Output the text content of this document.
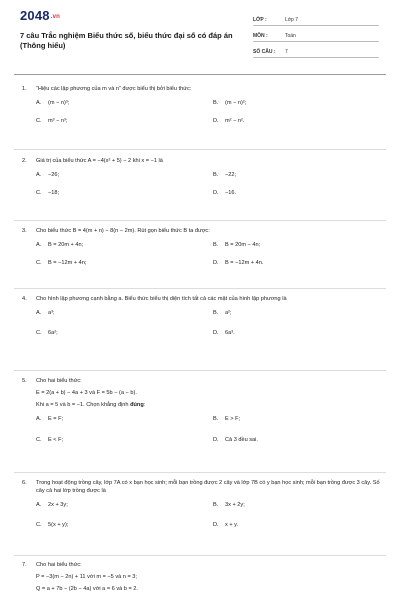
2048.vn
7 câu Trắc nghiệm Biểu thức số, biểu thức đại số có đáp án
(Thông hiểu)
LỚP :	Lớp 7
MÔN :	Toán
SỐ CÂU : 7
1. “Hiệu các lập phương của m và n” được biểu thị bởi biểu thức:
A. (m − n)³;	B. (m − n)²;
C. m³ − n³;	D. m² − n².
2. Giá trị của biểu thức A = −4(x² + 5) − 2 khi x = −1 là
A. −26;	B. −22;
C. −18;	D. −16.
3. Cho biểu thức B = 4(m + n) − 8(n − 2m). Rút gọn biểu thức B ta được:
A. B = 20m + 4n;	B. B = 20m − 4n;
C. B = −12m + 4n;	D. B = −12m + 4n.
4. Cho hình lập phương cạnh bằng a. Biểu thức biểu thị diện tích tất cả các mặt của hình lập phương là
A. a³;	B. a²;
C. 6a²;	D. 6a³.
5. Cho hai biểu thức:
E = 2(a + b) − 4a + 3 và F = 5b − (a − b).
Khi a = 5 và b = −1. Chọn khẳng định đúng:
A. E = F;	B. E > F;
C. E < F;	D. Cả 3 đều sai.
6. Trong hoạt động trồng cây, lớp 7A có x bạn học sinh; mỗi bạn trồng được 2 cây và lớp 7B có y bạn học sinh; mỗi bạn trồng được 3 cây. Số cây cả hai lớp trồng được là
A. 2x + 3y;	B. 3x + 2y;
C. 5(x + y);	D. x + y.
7. Cho hai biểu thức:
P = −3(m − 2n) + 11 với m = −5 và n = 3;
Q = a + 7b − (2b − 4a) với a = 6 và b = 2.
